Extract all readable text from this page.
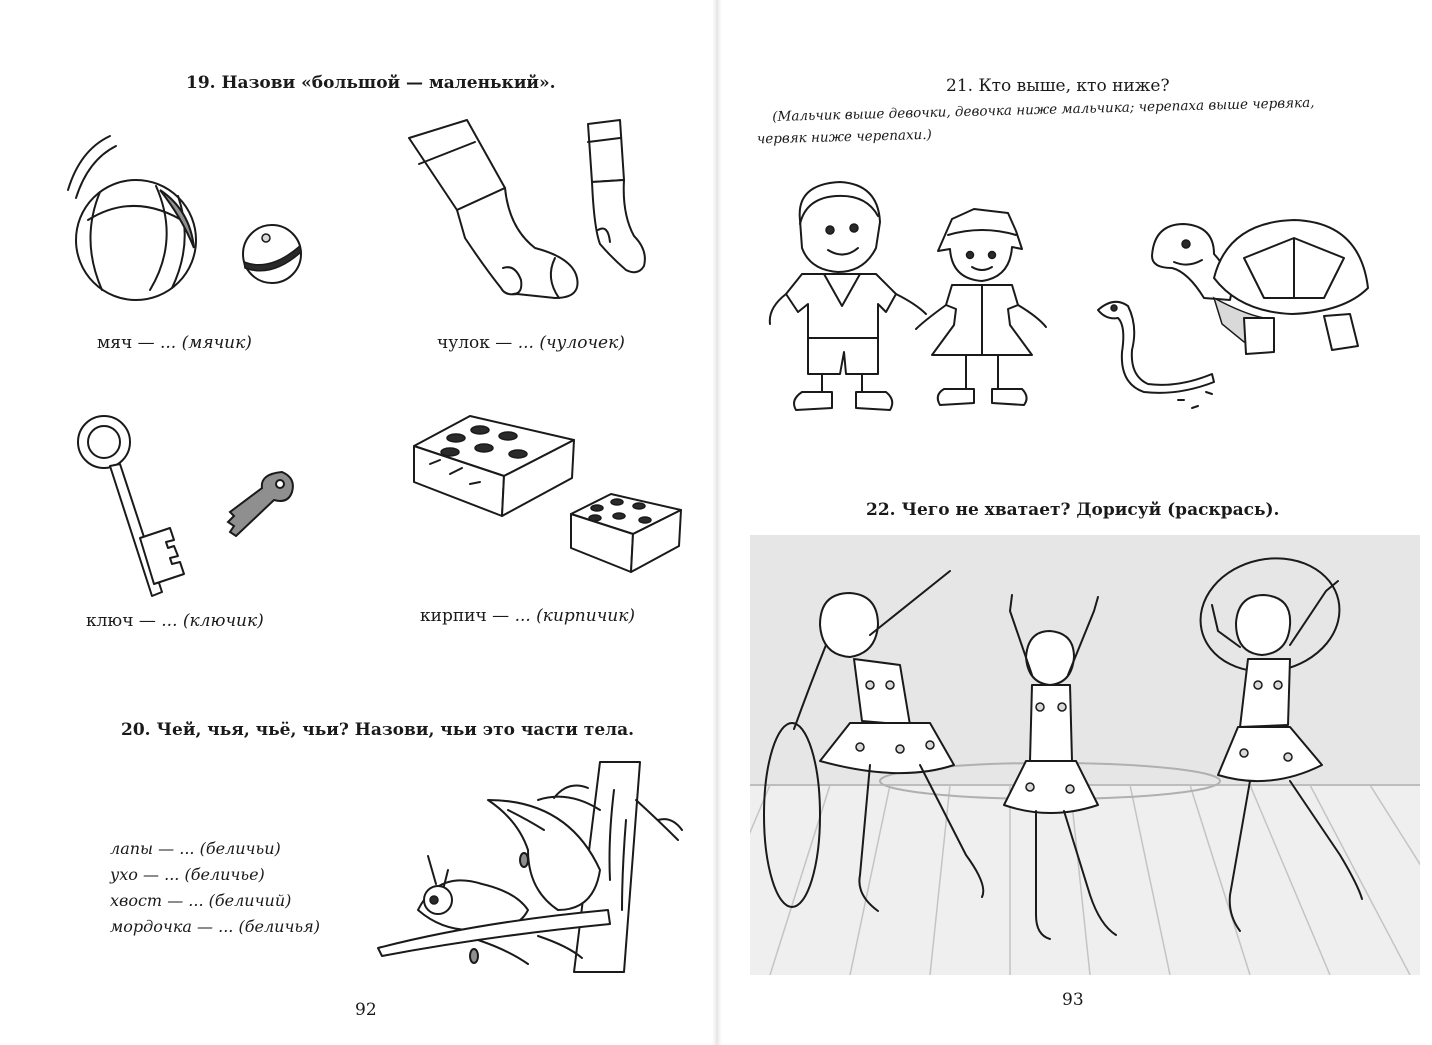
19. Назови «большой — маленький».
мяч — ... (мячик)	чулок — ... (чулочек)
ключ — ... (ключик)	кирпич — ... (кирпичик)
20. Чей, чья, чьё, чьи? Назови, чьи это части тела.
лапы — ... (беличьи)
ухо — ... (беличье)
хвост — ... (беличий)
мордочка — ... (беличья)
92
21. Кто выше, кто ниже?
(Мальчик выше девочки, девочка ниже мальчика; черепаха выше червяка,
червяк ниже черепахи.)
22. Чего не хватает? Дорисуй (раскрась).
93
